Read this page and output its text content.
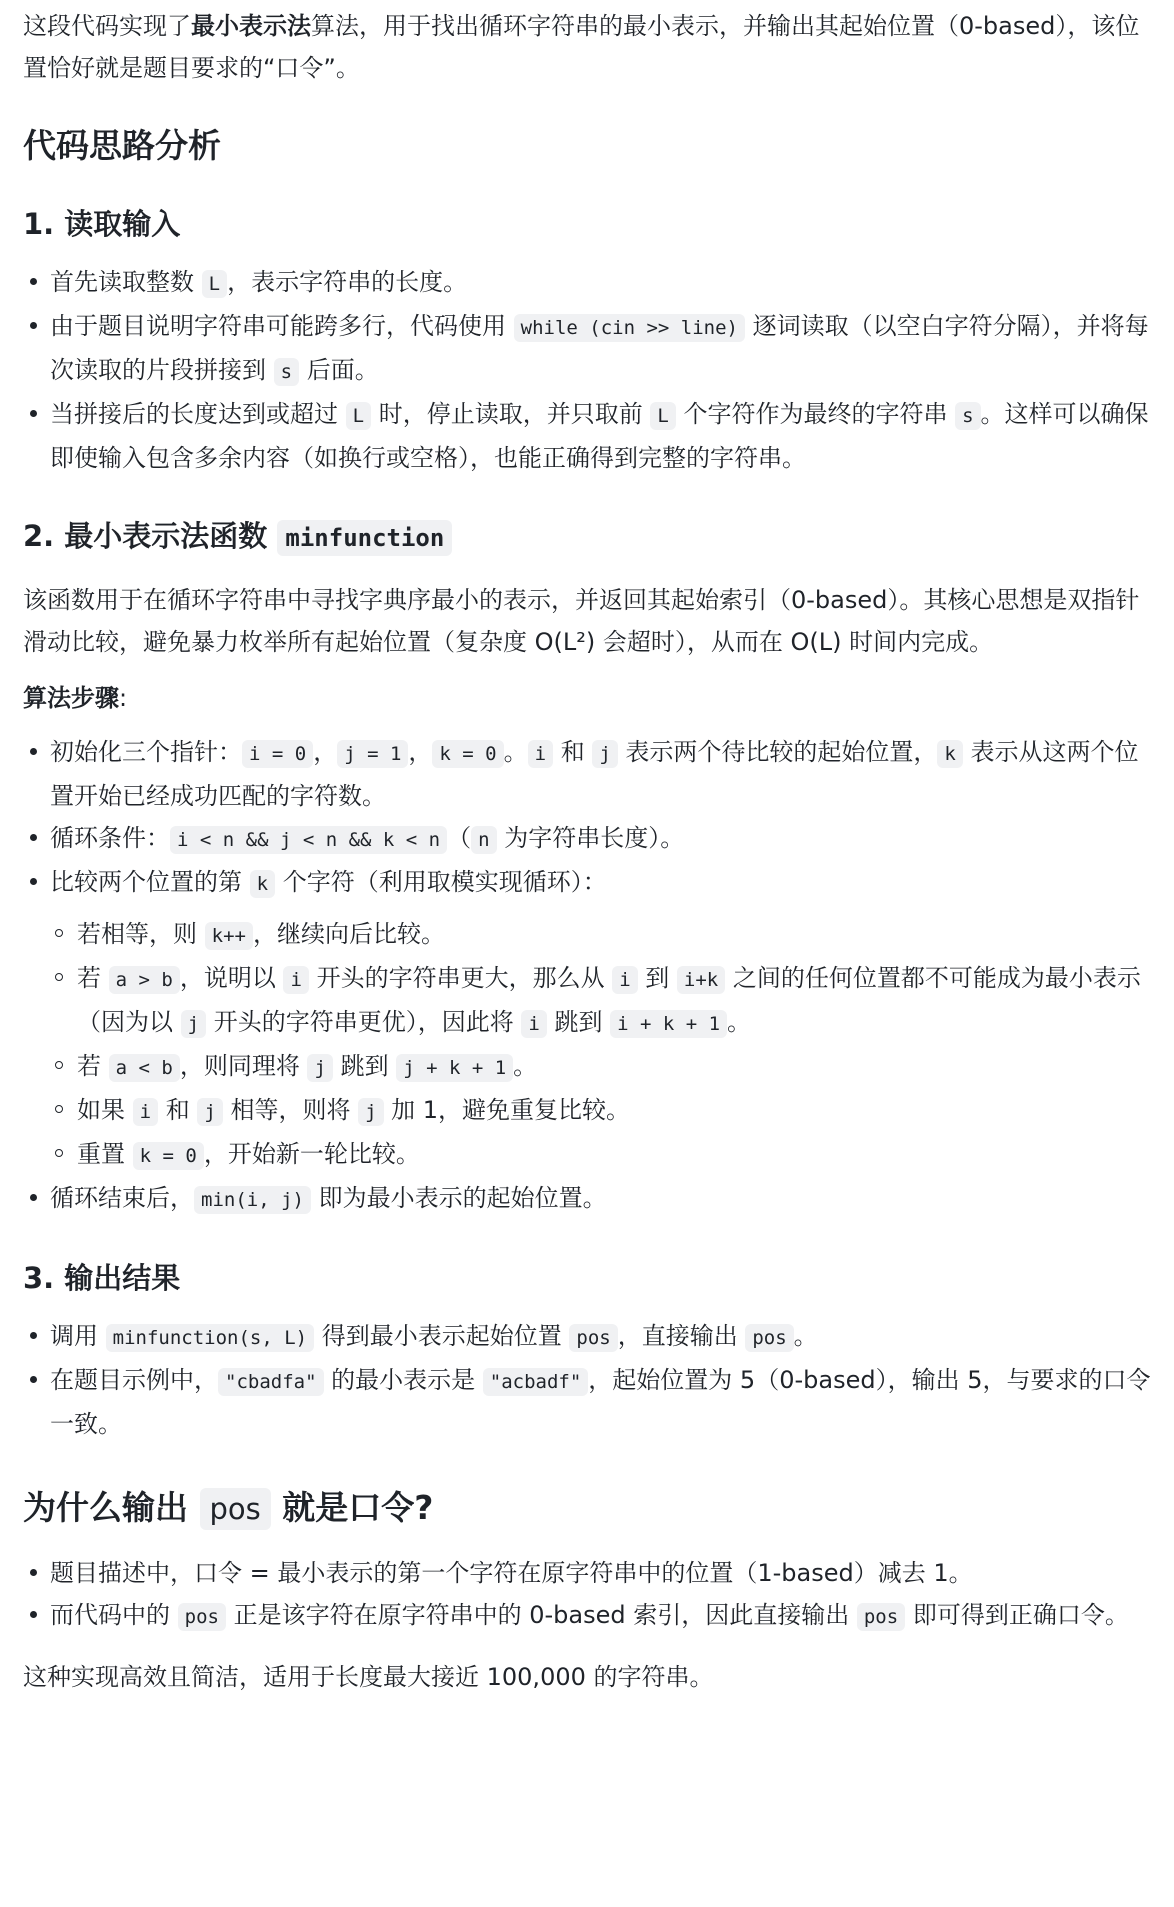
这段代码实现了最小表示法算法，用于找出循环字符串的最小表示，并输出其起始位置（0-based），该位置恰好就是题目要求的“口令”。

代码思路分析
1. 读取输入
首先读取整数 L ，表示字符串的长度。
由于题目说明字符串可能跨多行，代码使用 while (cin >> line) 逐词读取（以空白字符分隔），并将每次读取的片段拼接到 s 后面。
当拼接后的长度达到或超过 L 时，停止读取，并只取前 L 个字符作为最终的字符串 s 。这样可以确保即使输入包含多余内容（如换行或空格），也能正确得到完整的字符串。
2. 最小表示法函数 minfunction

该函数用于在循环字符串中寻找字典序最小的表示，并返回其起始索引（0-based）。其核心思想是双指针滑动比较，避免暴力枚举所有起始位置（复杂度 O(L²) 会超时），从而在 O(L) 时间内完成。

算法步骤:

初始化三个指针： i = 0 ， j = 1 ， k = 0 。 i 和 j 表示两个待比较的起始位置， k 表示从这两个位置开始已经成功匹配的字符数。
循环条件： i < n && j < n && k < n （ n 为字符串长度）。
比较两个位置的第 k 个字符（利用取模实现循环）：
若相等，则 k++ ，继续向后比较。
若 a > b ，说明以 i 开头的字符串更大，那么从 i 到 i+k 之间的任何位置都不可能成为最小表示（因为以 j 开头的字符串更优），因此将 i 跳到 i + k + 1 。
若 a < b ，则同理将 j 跳到 j + k + 1 。
如果 i 和 j 相等，则将 j 加 1，避免重复比较。
重置 k = 0 ，开始新一轮比较。
循环结束后， min(i, j) 即为最小表示的起始位置。
3. 输出结果
调用 minfunction(s, L) 得到最小表示起始位置 pos ，直接输出 pos 。
在题目示例中， "cbadfa" 的最小表示是 "acbadf" ，起始位置为 5（0-based），输出 5，与要求的口令一致。
为什么输出 pos 就是口令?
题目描述中，口令 = 最小表示的第一个字符在原字符串中的位置（1-based）减去 1。
而代码中的 pos 正是该字符在原字符串中的 0-based 索引，因此直接输出 pos 即可得到正确口令。

这种实现高效且简洁，适用于长度最大接近 100,000 的字符串。
